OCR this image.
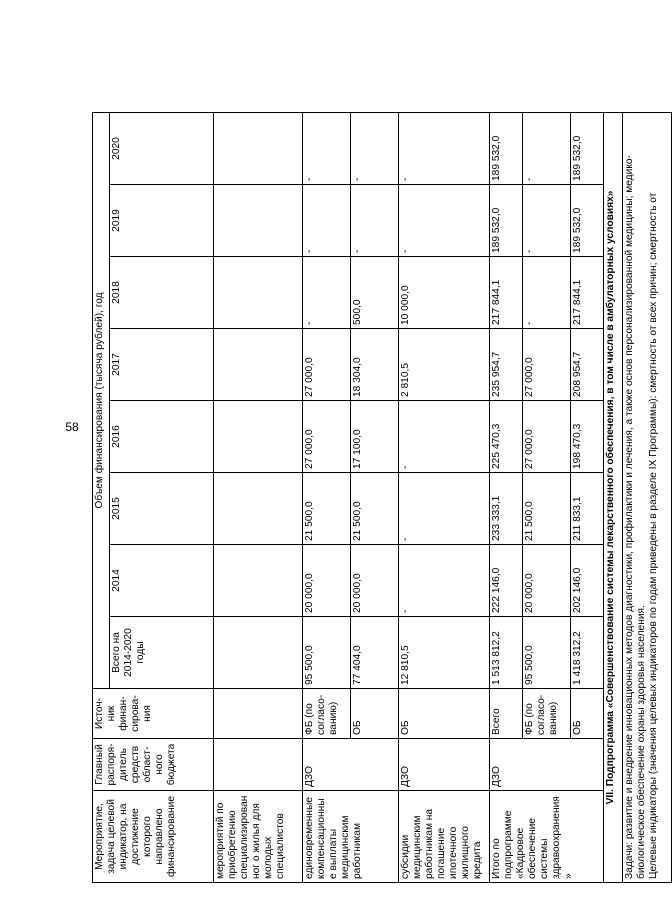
58
Мероприятие, задача целевой индикатор, на достижение которого направлено финансирование	Главный распоря-дитель средств област-ного бюджета	Источ-ник финан-сирова-ния	Объем финансирования (тысяча рублей), год							
			Всего на 2014-2020 годы	2014	2015	2016	2017	2018	2019	2020
мероприятий по приобретению специализированног о жилья для молодых специалистов										
единовременные компенсационные выплаты медицинским работникам	ДЗО	ФБ (по согласо-ванию)	95 500,0	20 000,0	21 500,0	27 000,0	27 000,0	-	-	-
		ОБ	77 404,0	20 000,0	21 500,0	17 100,0	18 304,0	500,0	-	-
субсидии медицинским работникам на погашение ипотечного жилищного кредита	ДЗО	ОБ	12 810,5	-	-	-	2 810,5	10 000,0	-	-
Итого по подпрограмме «Кадровое обеспечение системы здравоохранения»	ДЗО	Всего	1 513 812,2	222 146,0	233 333,1	225 470,3	235 954,7	217 844,1	189 532,0	189 532,0
		ФБ (по согласо-ванию)	95 500,0	20 000,0	21 500,0	27 000,0	27 000,0	-	-	-
		ОБ	1 418 312,2	202 146,0	211 833,1	198 470,3	208 954,7	217 844,1	189 532,0	189 532,0
VII. Подпрограмма «Совершенствование системы лекарственного обеспечения, в том числе в амбулаторных условиях»										
Задачи: развитие и внедрение инновационных методов диагностики, профилактики и лечения, а также основ персонализированной медицины; медико-биологическое обеспечение охраны здоровья населения.
Целевые индикаторы (значения целевых индикаторов по годам приведены в разделе IX Программы): смертность от всех причин; смертность от										
